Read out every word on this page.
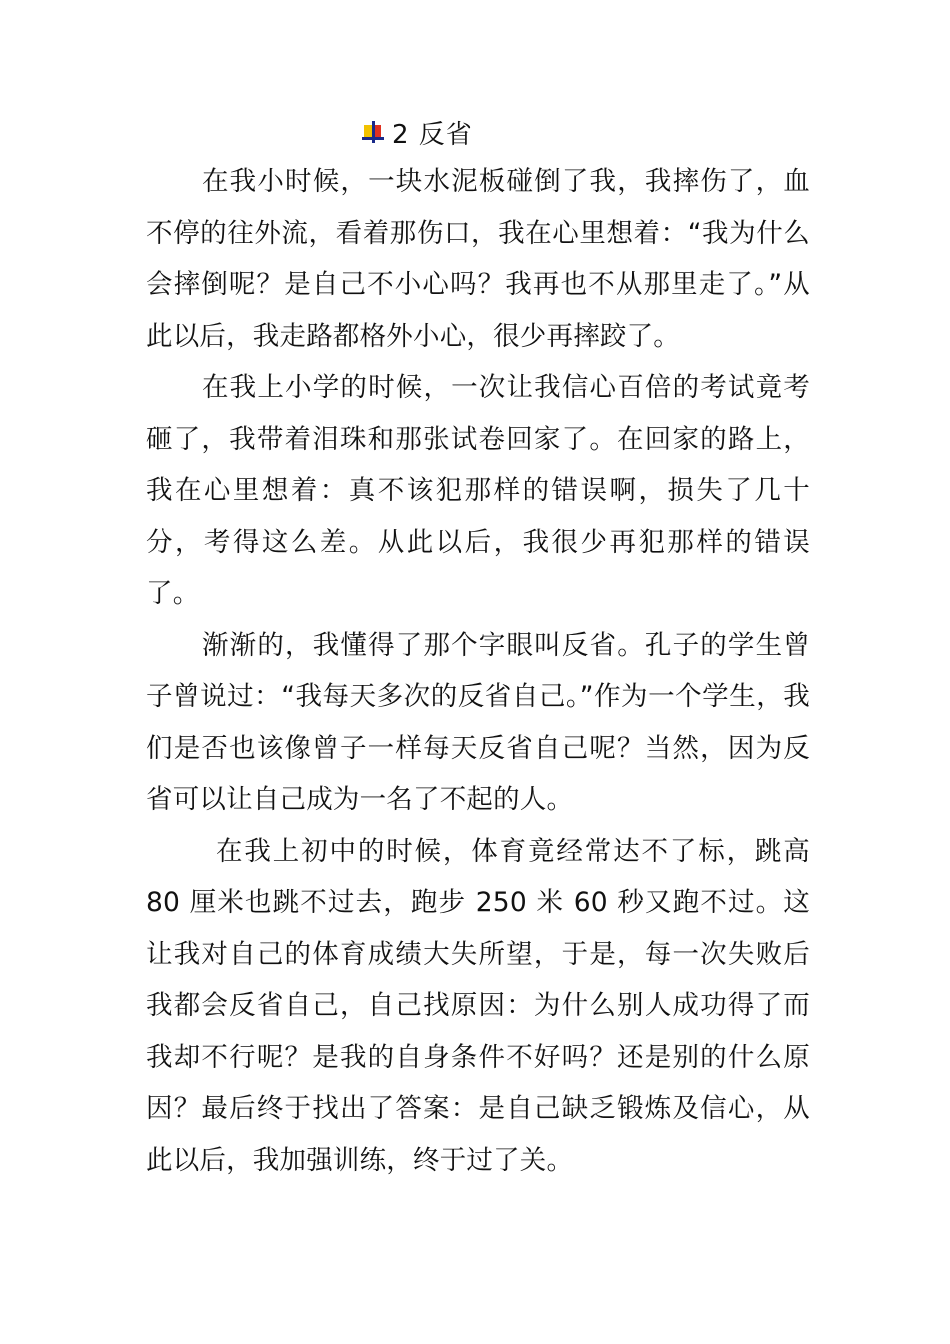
2 反省

在我小时候，一块水泥板碰倒了我，我摔伤了，血不停的往外流，看着那伤口，我在心里想着：“我为什么会摔倒呢？是自己不小心吗？我再也不从那里走了。”从此以后，我走路都格外小心，很少再摔跤了。

在我上小学的时候，一次让我信心百倍的考试竟考砸了，我带着泪珠和那张试卷回家了。在回家的路上，我在心里想着：真不该犯那样的错误啊，损失了几十分，考得这么差。从此以后，我很少再犯那样的错误了。

渐渐的，我懂得了那个字眼叫反省。孔子的学生曾子曾说过：“我每天多次的反省自己。”作为一个学生，我们是否也该像曾子一样每天反省自己呢？当然，因为反省可以让自己成为一名了不起的人。

在我上初中的时候，体育竟经常达不了标，跳高80 厘米也跳不过去，跑步 250 米 60 秒又跑不过。这让我对自己的体育成绩大失所望，于是，每一次失败后我都会反省自己，自己找原因：为什么别人成功得了而我却不行呢？是我的自身条件不好吗？还是别的什么原因？最后终于找出了答案：是自己缺乏锻炼及信心，从此以后，我加强训练，终于过了关。
